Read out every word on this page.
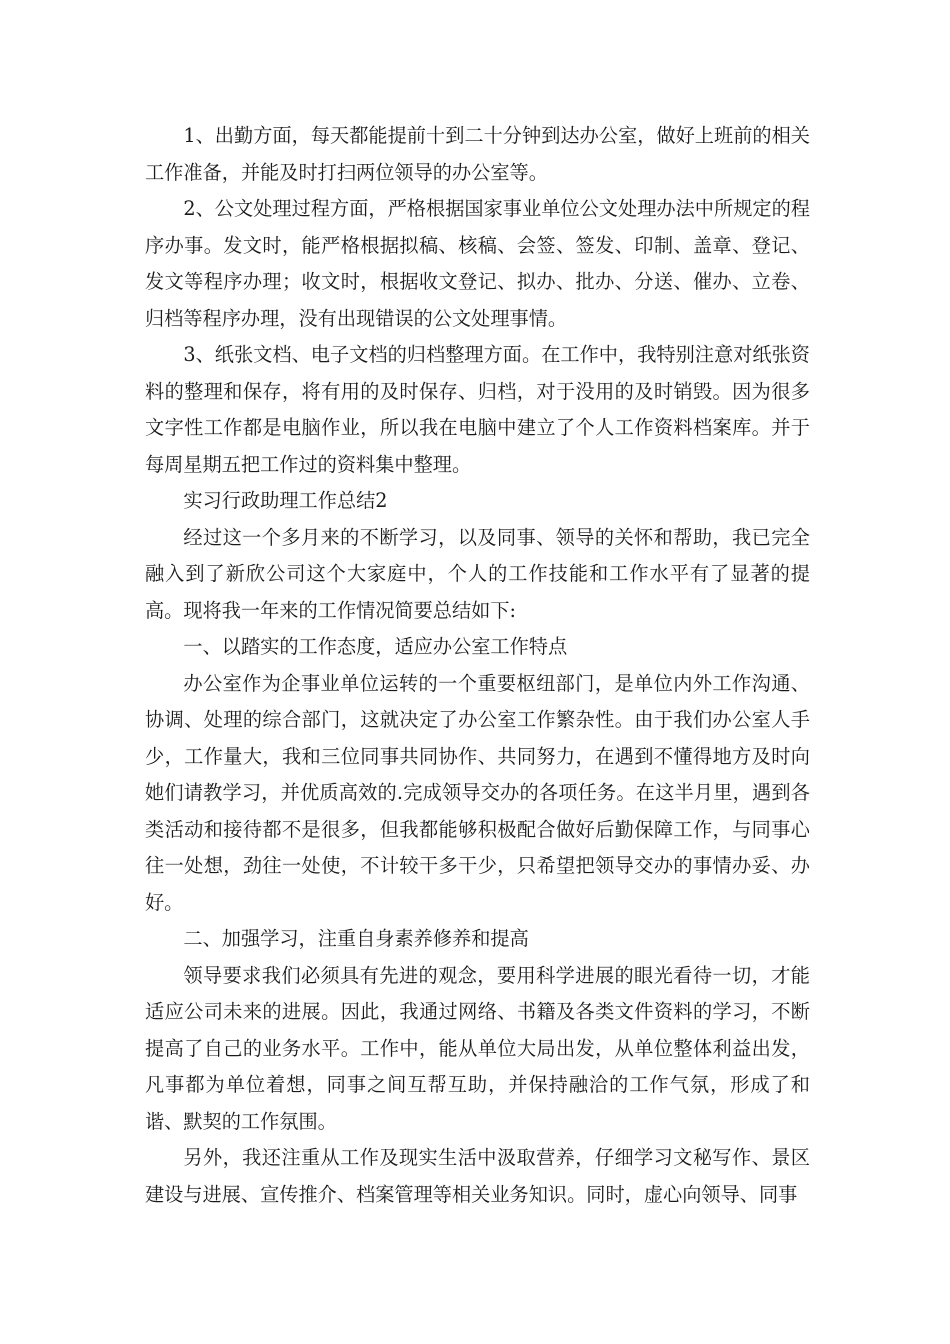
1、出勤方面，每天都能提前十到二十分钟到达办公室，做好上班前的相关工作准备，并能及时打扫两位领导的办公室等。

2、公文处理过程方面，严格根据国家事业单位公文处理办法中所规定的程序办事。发文时，能严格根据拟稿、核稿、会签、签发、印制、盖章、登记、发文等程序办理；收文时，根据收文登记、拟办、批办、分送、催办、立卷、归档等程序办理，没有出现错误的公文处理事情。

3、纸张文档、电子文档的归档整理方面。在工作中，我特别注意对纸张资料的整理和保存，将有用的及时保存、归档，对于没用的及时销毁。因为很多文字性工作都是电脑作业，所以我在电脑中建立了个人工作资料档案库。并于每周星期五把工作过的资料集中整理。

实习行政助理工作总结2

经过这一个多月来的不断学习，以及同事、领导的关怀和帮助，我已完全融入到了新欣公司这个大家庭中，个人的工作技能和工作水平有了显著的提高。现将我一年来的工作情况简要总结如下:

一、以踏实的工作态度，适应办公室工作特点

办公室作为企事业单位运转的一个重要枢纽部门，是单位内外工作沟通、协调、处理的综合部门，这就决定了办公室工作繁杂性。由于我们办公室人手少，工作量大，我和三位同事共同协作、共同努力，在遇到不懂得地方及时向她们请教学习，并优质高效的.完成领导交办的各项任务。在这半月里，遇到各类活动和接待都不是很多，但我都能够积极配合做好后勤保障工作，与同事心往一处想，劲往一处使，不计较干多干少，只希望把领导交办的事情办妥、办好。

二、加强学习，注重自身素养修养和提高

领导要求我们必须具有先进的观念，要用科学进展的眼光看待一切，才能适应公司未来的进展。因此，我通过网络、书籍及各类文件资料的学习，不断提高了自己的业务水平。工作中，能从单位大局出发，从单位整体利益出发，凡事都为单位着想，同事之间互帮互助，并保持融洽的工作气氛，形成了和谐、默契的工作氛围。

另外，我还注重从工作及现实生活中汲取营养，仔细学习文秘写作、景区建设与进展、宣传推介、档案管理等相关业务知识。同时，虚心向领导、同事
